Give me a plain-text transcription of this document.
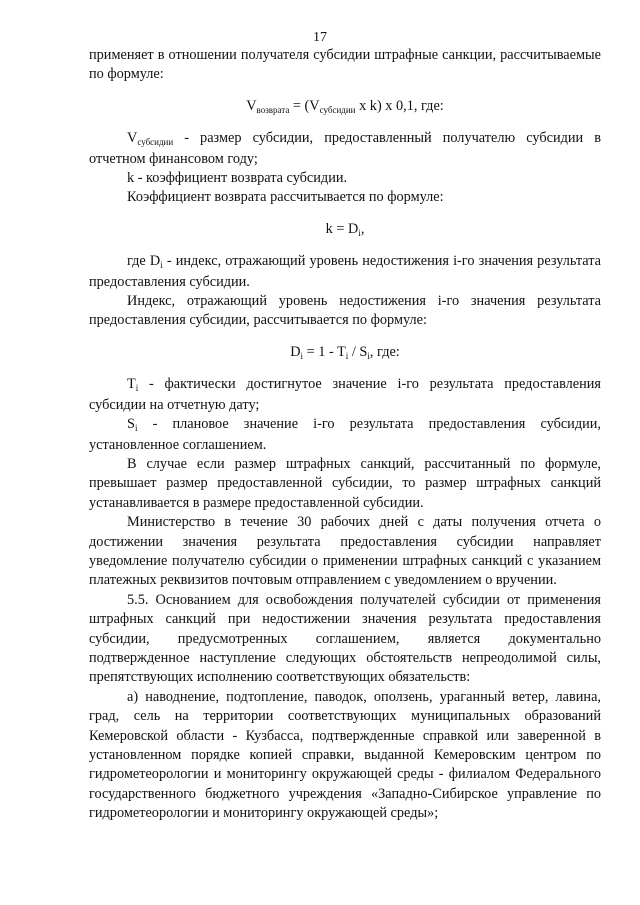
17

применяет в отношении получателя субсидии штрафные санкции, рассчитываемые по формуле:

$V_{возврата} = (V_{субсидии}$ x k) x 0,1, где:

$V_{субсидии}$ - размер субсидии, предоставленный получателю субсидии в отчетном финансовом году;

k - коэффициент возврата субсидии.

Коэффициент возврата рассчитывается по формуле:

$k = D_i$,

где $D_i$ - индекс, отражающий уровень недостижения i-го значения результата предоставления субсидии.

Индекс, отражающий уровень недостижения i-го значения результата предоставления субсидии, рассчитывается по формуле:

$D_i = 1 - T_i / S_i$, где:

$T_i$ - фактически достигнутое значение i-го результата предоставления субсидии на отчетную дату;

$S_i$ - плановое значение i-го результата предоставления субсидии, установленное соглашением.

В случае если размер штрафных санкций, рассчитанный по формуле, превышает размер предоставленной субсидии, то размер штрафных санкций устанавливается в размере предоставленной субсидии.

Министерство в течение 30 рабочих дней с даты получения отчета о достижении значения результата предоставления субсидии направляет уведомление получателю субсидии о применении штрафных санкций с указанием платежных реквизитов почтовым отправлением с уведомлением о вручении.

5.5. Основанием для освобождения получателей субсидии от применения штрафных санкций при недостижении значения результата предоставления субсидии, предусмотренных соглашением, является документально подтвержденное наступление следующих обстоятельств непреодолимой силы, препятствующих исполнению соответствующих обязательств:

а) наводнение, подтопление, паводок, оползень, ураганный ветер, лавина, град, сель на территории соответствующих муниципальных образований Кемеровской области - Кузбасса, подтвержденные справкой или заверенной в установленном порядке копией справки, выданной Кемеровским центром по гидрометеорологии и мониторингу окружающей среды - филиалом Федерального государственного бюджетного учреждения «Западно-Сибирское управление по гидрометеорологии и мониторингу окружающей среды»;
